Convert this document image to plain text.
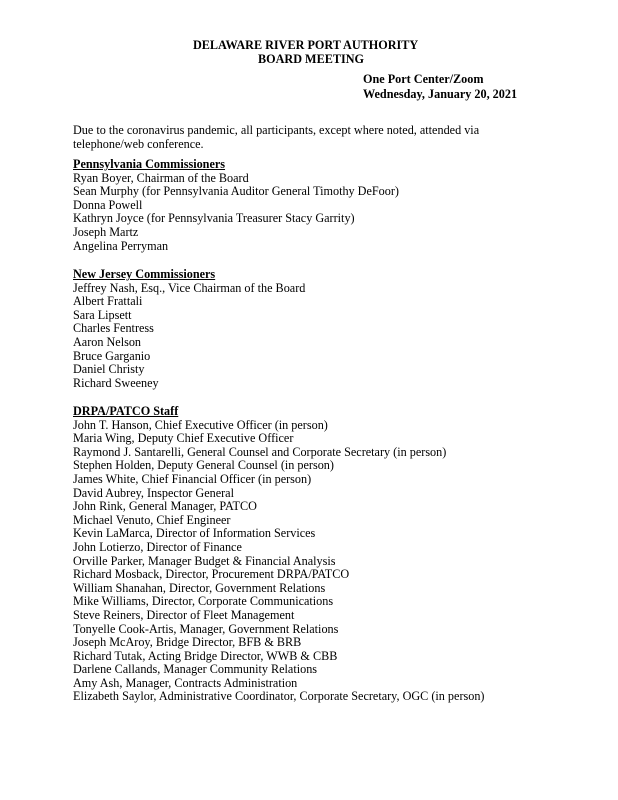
DELAWARE RIVER PORT AUTHORITY
BOARD MEETING
One Port Center/Zoom
Wednesday, January 20, 2021
Due to the coronavirus pandemic, all participants, except where noted, attended via telephone/web conference.
Pennsylvania Commissioners
Ryan Boyer, Chairman of the Board
Sean Murphy (for Pennsylvania Auditor General Timothy DeFoor)
Donna Powell
Kathryn Joyce (for Pennsylvania Treasurer Stacy Garrity)
Joseph Martz
Angelina Perryman
New Jersey Commissioners
Jeffrey Nash, Esq., Vice Chairman of the Board
Albert Frattali
Sara Lipsett
Charles Fentress
Aaron Nelson
Bruce Garganio
Daniel Christy
Richard Sweeney
DRPA/PATCO Staff
John T. Hanson, Chief Executive Officer (in person)
Maria Wing, Deputy Chief Executive Officer
Raymond J. Santarelli, General Counsel and Corporate Secretary (in person)
Stephen Holden, Deputy General Counsel (in person)
James White, Chief Financial Officer (in person)
David Aubrey, Inspector General
John Rink, General Manager, PATCO
Michael Venuto, Chief Engineer
Kevin LaMarca, Director of Information Services
John Lotierzo, Director of Finance
Orville Parker, Manager Budget & Financial Analysis
Richard Mosback, Director, Procurement DRPA/PATCO
William Shanahan, Director, Government Relations
Mike Williams, Director, Corporate Communications
Steve Reiners, Director of Fleet Management
Tonyelle Cook-Artis, Manager, Government Relations
Joseph McAroy, Bridge Director, BFB & BRB
Richard Tutak, Acting Bridge Director, WWB & CBB
Darlene Callands, Manager Community Relations
Amy Ash, Manager, Contracts Administration
Elizabeth Saylor, Administrative Coordinator, Corporate Secretary, OGC (in person)
